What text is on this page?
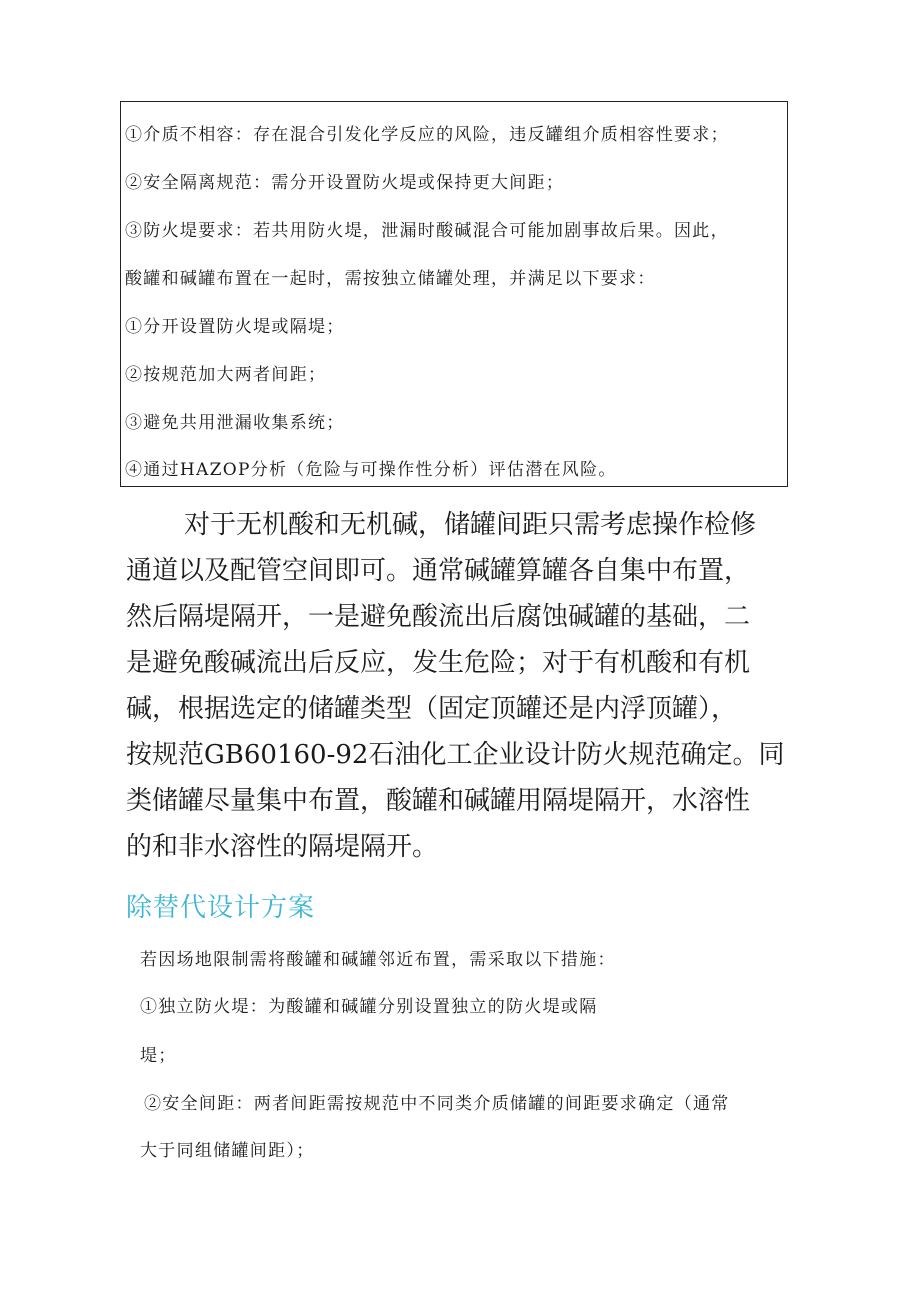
①介质不相容：存在混合引发化学反应的风险，违反罐组介质相容性要求；
②安全隔离规范：需分开设置防火堤或保持更大间距；
③防火堤要求：若共用防火堤，泄漏时酸碱混合可能加剧事故后果。因此，
酸罐和碱罐布置在一起时，需按独立储罐处理，并满足以下要求：
①分开设置防火堤或隔堤；
②按规范加大两者间距；
③避免共用泄漏收集系统；
④通过HAZOP分析（危险与可操作性分析）评估潜在风险。
对于无机酸和无机碱，储罐间距只需考虑操作检修
通道以及配管空间即可。通常碱罐算罐各自集中布置，
然后隔堤隔开，一是避免酸流出后腐蚀碱罐的基础，二
是避免酸碱流出后反应，发生危险；对于有机酸和有机
碱，根据选定的储罐类型（固定顶罐还是内浮顶罐），
按规范GB60160-92石油化工企业设计防火规范确定。同
类储罐尽量集中布置，酸罐和碱罐用隔堤隔开，水溶性
的和非水溶性的隔堤隔开。
除替代设计方案
若因场地限制需将酸罐和碱罐邻近布置，需采取以下措施：
①独立防火堤：为酸罐和碱罐分别设置独立的防火堤或隔
堤；
②安全间距：两者间距需按规范中不同类介质储罐的间距要求确定（通常
大于同组储罐间距）；
